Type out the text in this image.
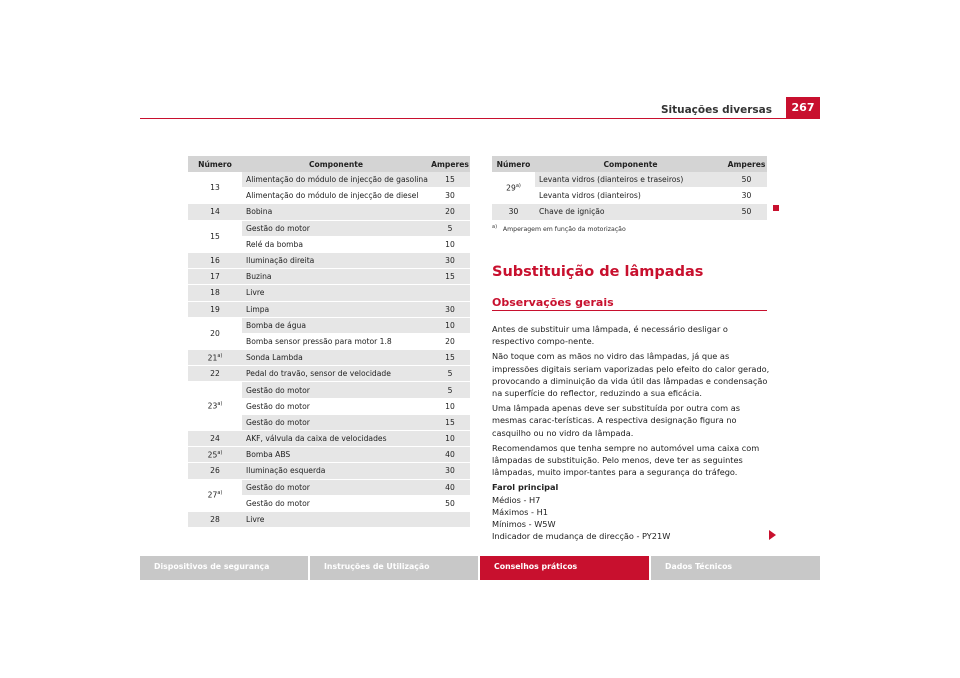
Situações diversas	267
Número	Componente	Amperes
13	Alimentação do módulo de injecção de gasolina	15
	Alimentação do módulo de injecção de diesel	30
14	Bobina	20
15	Gestão do motor	5
	Relé da bomba	10
16	Iluminação direita	30
17	Buzina	15
18	Livre	
19	Limpa	30
20	Bomba de água	10
	Bomba sensor pressão para motor 1.8	20
21$^{a)}$	Sonda Lambda	15
22	Pedal do travão, sensor de velocidade	5
23$^{a)}$	Gestão do motor	5
	Gestão do motor	10
	Gestão do motor	15
24	AKF, válvula da caixa de velocidades	10
25$^{a)}$	Bomba ABS	40
26	Iluminação esquerda	30
27$^{a)}$	Gestão do motor	40
	Gestão do motor	50
28	Livre	
Número	Componente	Amperes
29$^{a)}$	Levanta vidros (dianteiros e traseiros)	50
	Levanta vidros (dianteiros)	30
30	Chave de ignição	50
$^{a)}$ Amperagem em função da motorização
Substituição de lâmpadas
Observações gerais

Antes de substituir uma lâmpada, é necessário desligar o respectivo compo-nente.

Não toque com as mãos no vidro das lâmpadas, já que as impressões digitais seriam vaporizadas pelo efeito do calor gerado, provocando a diminuição da vida útil das lâmpadas e condensação na superfície do reflector, reduzindo a sua eficácia.

Uma lâmpada apenas deve ser substituída por outra com as mesmas carac-terísticas. A respectiva designação figura no casquilho ou no vidro da lâmpada.

Recomendamos que tenha sempre no automóvel uma caixa com lâmpadas de substituição. Pelo menos, deve ter as seguintes lâmpadas, muito impor-tantes para a segurança do tráfego.

Farol principal
Médios - H7
Máximos - H1
Mínimos - W5W
Indicador de mudança de direcção - PY21W
Dispositivos de segurança	Instruções de Utilização	Conselhos práticos	Dados Técnicos
